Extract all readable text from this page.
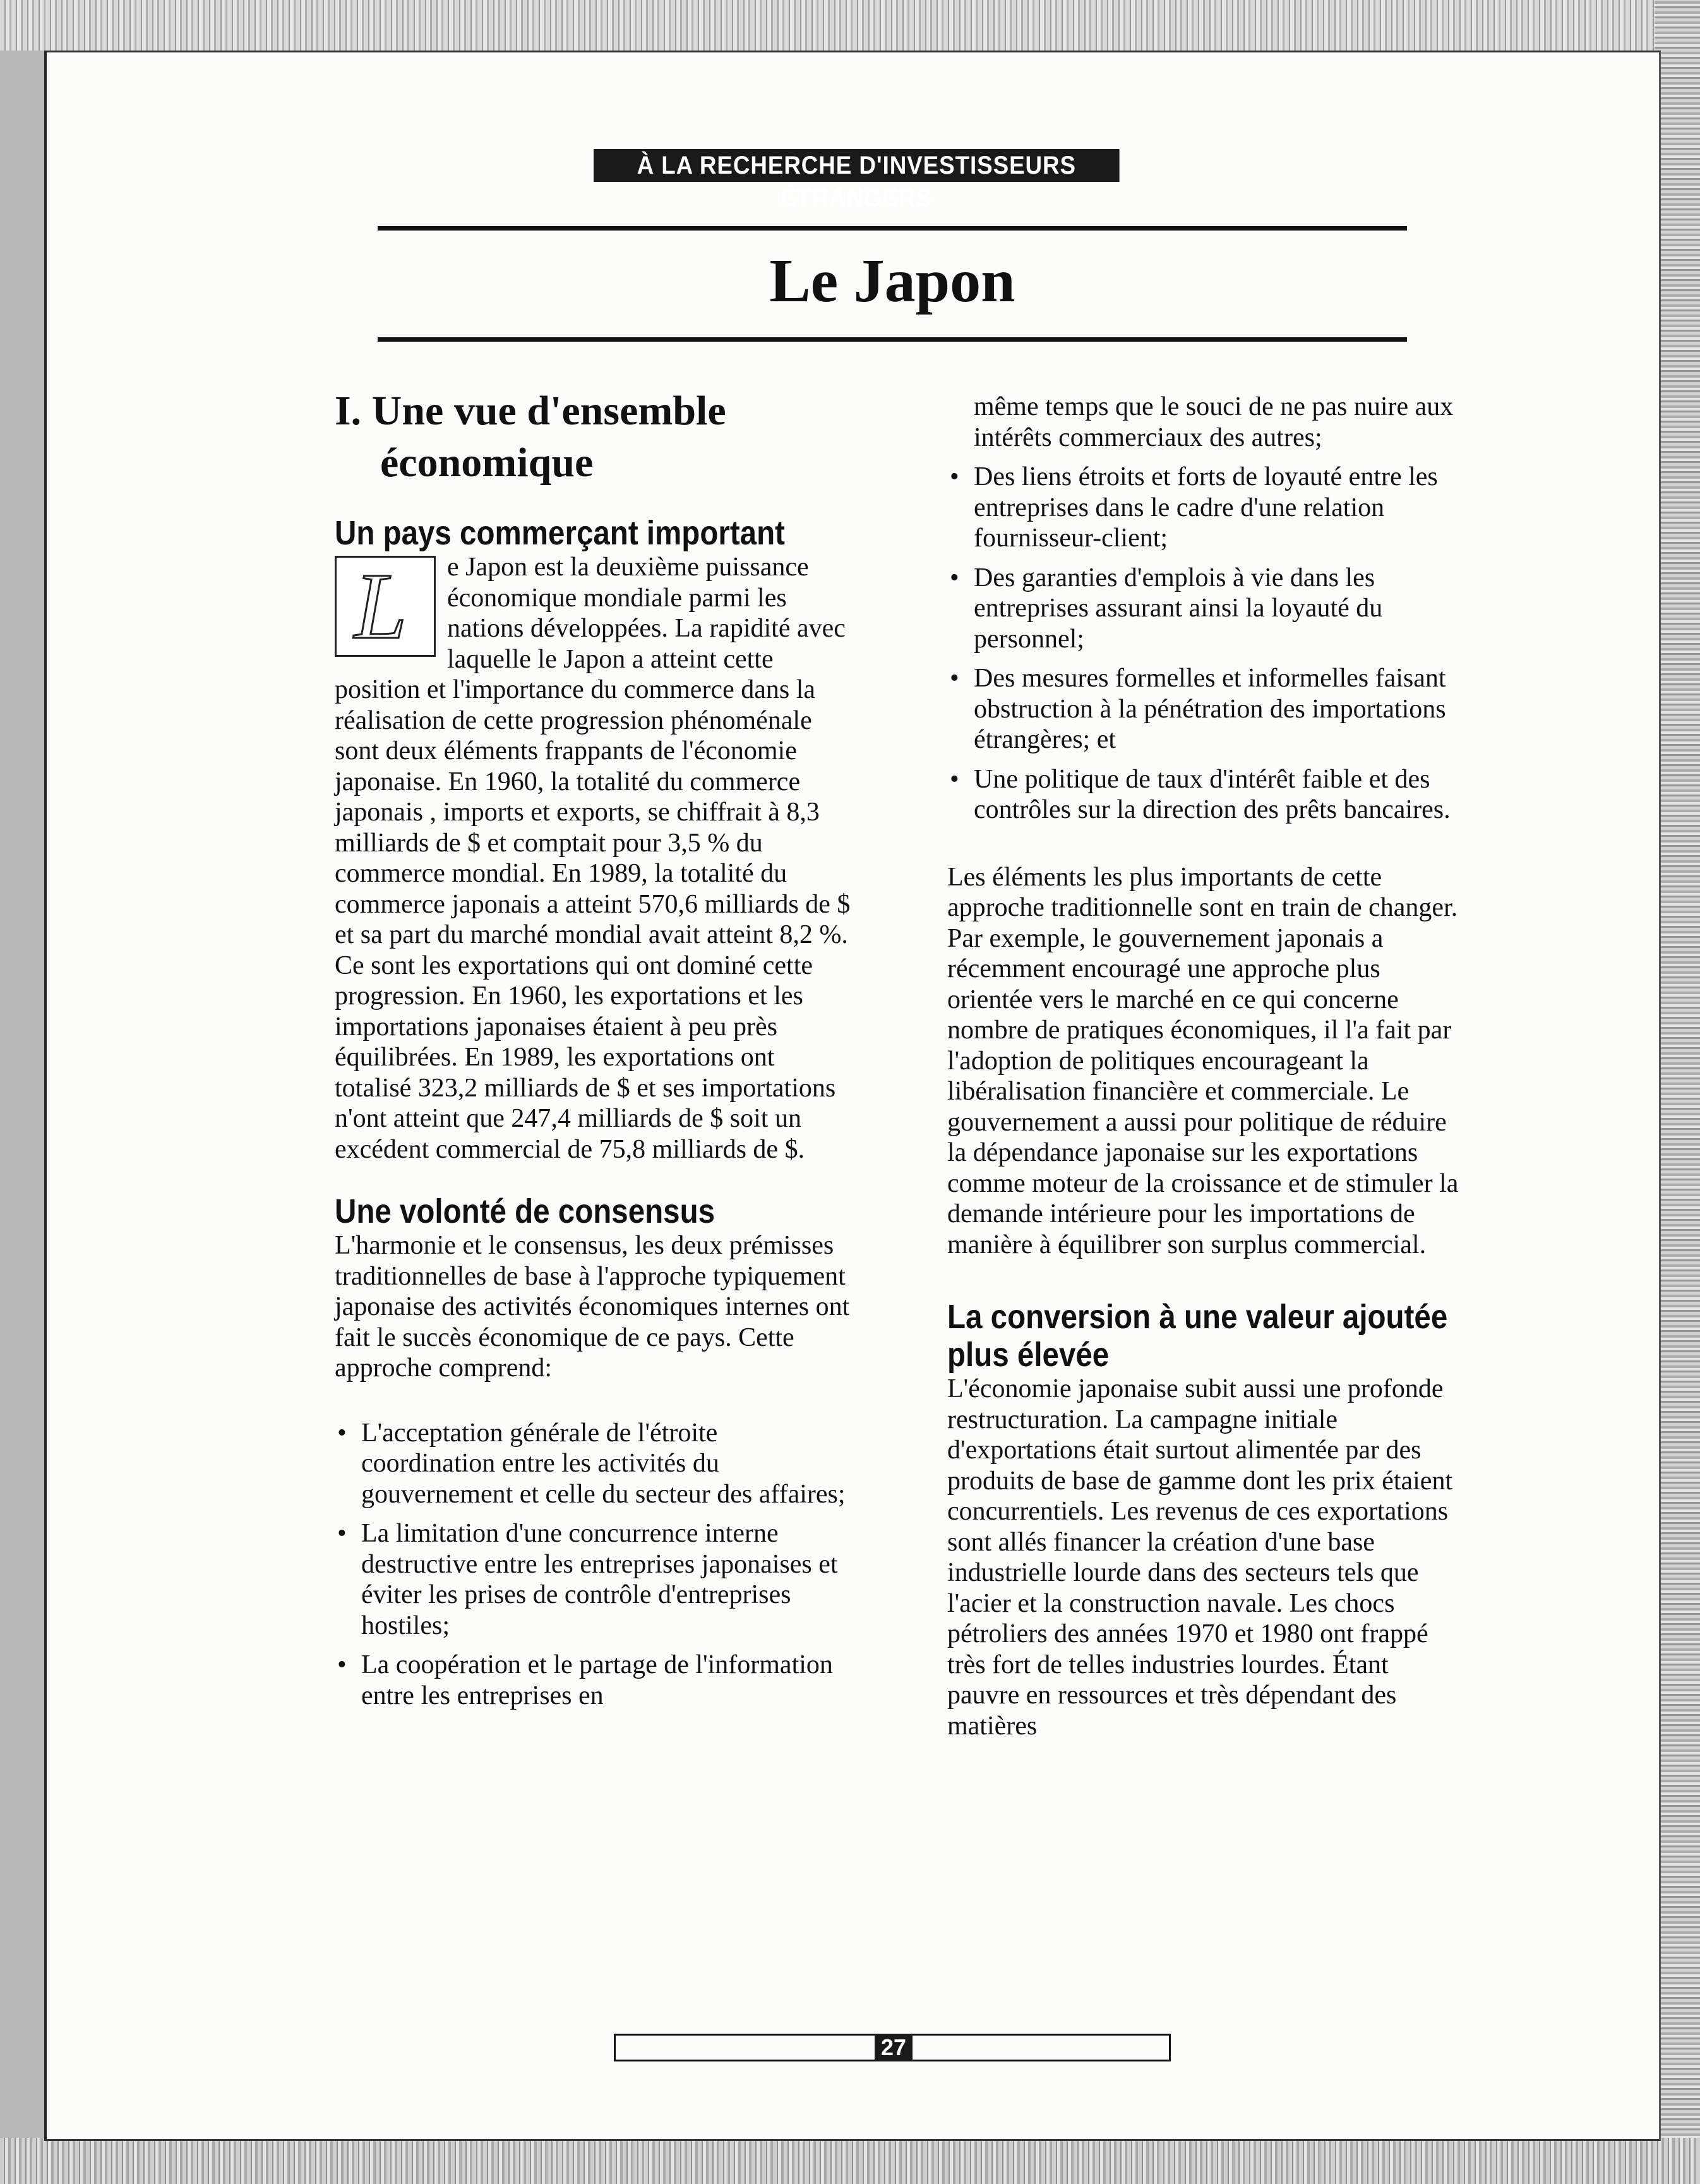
À LA RECHERCHE D'INVESTISSEURS ÉTRANGERS
Le Japon
I. Une vue d'ensemble
économique
Un pays commerçant important
L	e Japon est la deuxième puissance économique mondiale parmi les nations développées. La rapidité avec laquelle le Japon a atteint cette position et l'importance du commerce dans la réalisation de cette progression phénoménale sont deux éléments frappants de l'économie japonaise. En 1960, la totalité du commerce japonais , imports et exports, se chiffrait à 8,3 milliards de $ et comptait pour 3,5 % du commerce mondial. En 1989, la totalité du commerce japonais a atteint 570,6 milliards de $ et sa part du marché mondial avait atteint 8,2 %. Ce sont les exportations qui ont dominé cette progression. En 1960, les exportations et les importations japonaises étaient à peu près équilibrées. En 1989, les exportations ont totalisé 323,2 milliards de $ et ses importations n'ont atteint que 247,4 milliards de $ soit un excédent commercial de 75,8 milliards de $.

Une volonté de consensus

L'harmonie et le consensus, les deux prémisses traditionnelles de base à l'approche typiquement japonaise des activités économiques internes ont fait le succès économique de ce pays. Cette approche comprend:

• L'acceptation générale de l'étroite coordination entre les activités du gouvernement et celle du secteur des affaires;
• La limitation d'une concurrence interne destructive entre les entreprises japonaises et éviter les prises de contrôle d'entreprises hostiles;
• La coopération et le partage de l'information entre les entreprises en

même temps que le souci de ne pas nuire aux intérêts commerciaux des autres;

• Des liens étroits et forts de loyauté entre les entreprises dans le cadre d'une relation fournisseur-client;
• Des garanties d'emplois à vie dans les entreprises assurant ainsi la loyauté du personnel;
• Des mesures formelles et informelles faisant obstruction à la pénétration des importations étrangères; et
• Une politique de taux d'intérêt faible et des contrôles sur la direction des prêts bancaires.

Les éléments les plus importants de cette approche traditionnelle sont en train de changer. Par exemple, le gouvernement japonais a récemment encouragé une approche plus orientée vers le marché en ce qui concerne nombre de pratiques économiques, il l'a fait par l'adoption de politiques encourageant la libéralisation financière et commerciale. Le gouvernement a aussi pour politique de réduire la dépendance japonaise sur les exportations comme moteur de la croissance et de stimuler la demande intérieure pour les importations de manière à équilibrer son surplus commercial.

La conversion à une valeur ajoutée plus élevée

L'économie japonaise subit aussi une profonde restructuration. La campagne initiale d'exportations était surtout alimentée par des produits de base de gamme dont les prix étaient concurrentiels. Les revenus de ces exportations sont allés financer la création d'une base industrielle lourde dans des secteurs tels que l'acier et la construction navale. Les chocs pétroliers des années 1970 et 1980 ont frappé très fort de telles industries lourdes. Étant pauvre en ressources et très dépendant des matières

27
